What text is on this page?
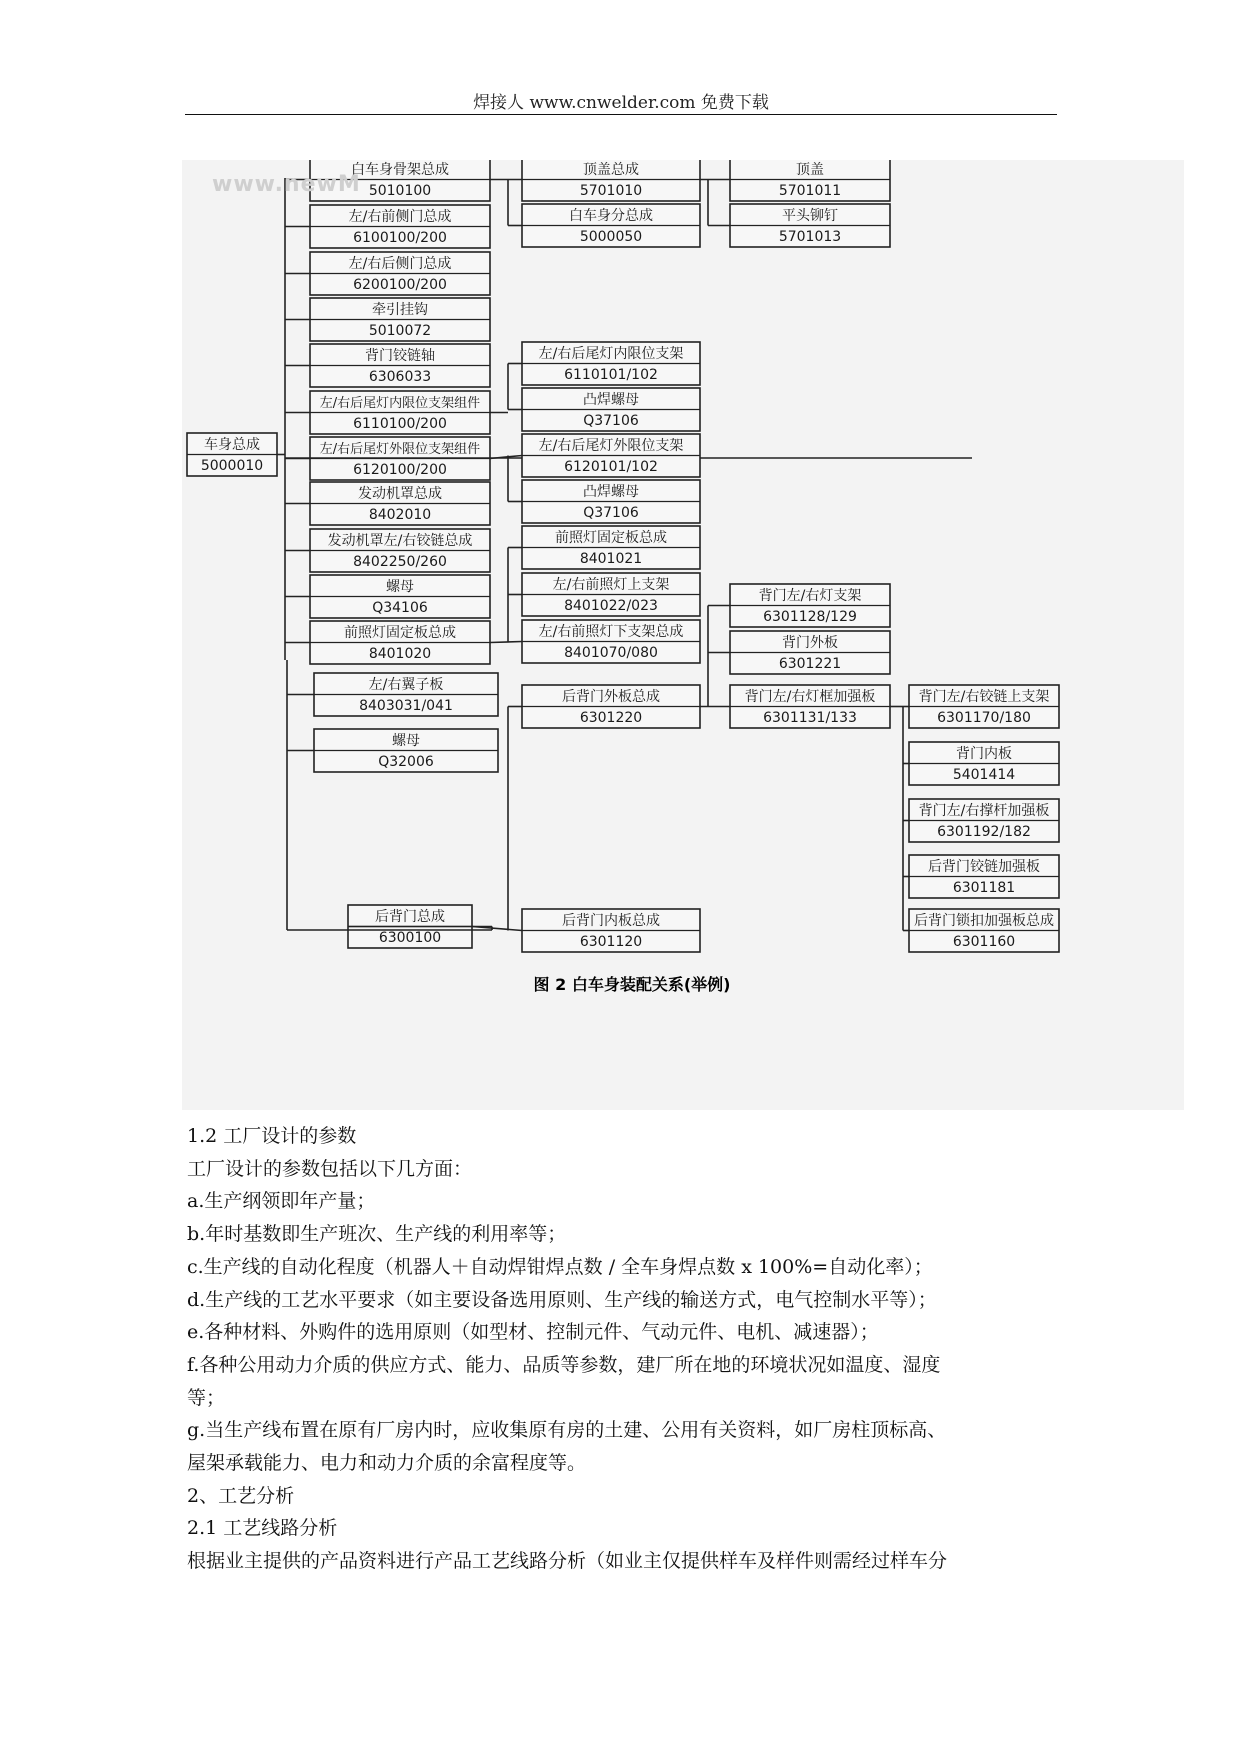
焊接人 www.cnwelder.com 免费下载
www.newM
车身总成
5000010
白车身骨架总成
5010100
左/右前侧门总成
6100100/200
左/右后侧门总成
6200100/200
牵引挂钩
5010072
背门铰链轴
6306033
左/右后尾灯内限位支架组件
6110100/200
左/右后尾灯外限位支架组件
6120100/200
发动机罩总成
8402010
发动机罩左/右铰链总成
8402250/260
螺母
Q34106
前照灯固定板总成
8401020
左/右翼子板
8403031/041
螺母
Q32006
后背门总成
6300100
顶盖总成
5701010
白车身分总成
5000050
左/右后尾灯内限位支架
6110101/102
凸焊螺母
Q37106
左/右后尾灯外限位支架
6120101/102
凸焊螺母
Q37106
前照灯固定板总成
8401021
左/右前照灯上支架
8401022/023
左/右前照灯下支架总成
8401070/080
后背门外板总成
6301220
后背门内板总成
6301120
顶盖
5701011
平头铆钉
5701013
背门左/右灯支架
6301128/129
背门外板
6301221
背门左/右灯框加强板
6301131/133
背门左/右铰链上支架
6301170/180
背门内板
5401414
背门左/右撑杆加强板
6301192/182
后背门铰链加强板
6301181
后背门锁扣加强板总成
6301160
图 2 白车身装配关系(举例)

1.2 工厂设计的参数

工厂设计的参数包括以下几方面：

a.生产纲领即年产量；

b.年时基数即生产班次、生产线的利用率等；

c.生产线的自动化程度（机器人＋自动焊钳焊点数 / 全车身焊点数 x 100%=自动化率）；

d.生产线的工艺水平要求（如主要设备选用原则、生产线的输送方式，电气控制水平等）；

e.各种材料、外购件的选用原则（如型材、控制元件、气动元件、电机、减速器）；

f.各种公用动力介质的供应方式、能力、品质等参数，建厂所在地的环境状况如温度、湿度

等；

g.当生产线布置在原有厂房内时，应收集原有房的土建、公用有关资料，如厂房柱顶标高、

屋架承载能力、电力和动力介质的余富程度等。

2、工艺分析

2.1 工艺线路分析

根据业主提供的产品资料进行产品工艺线路分析（如业主仅提供样车及样件则需经过样车分
